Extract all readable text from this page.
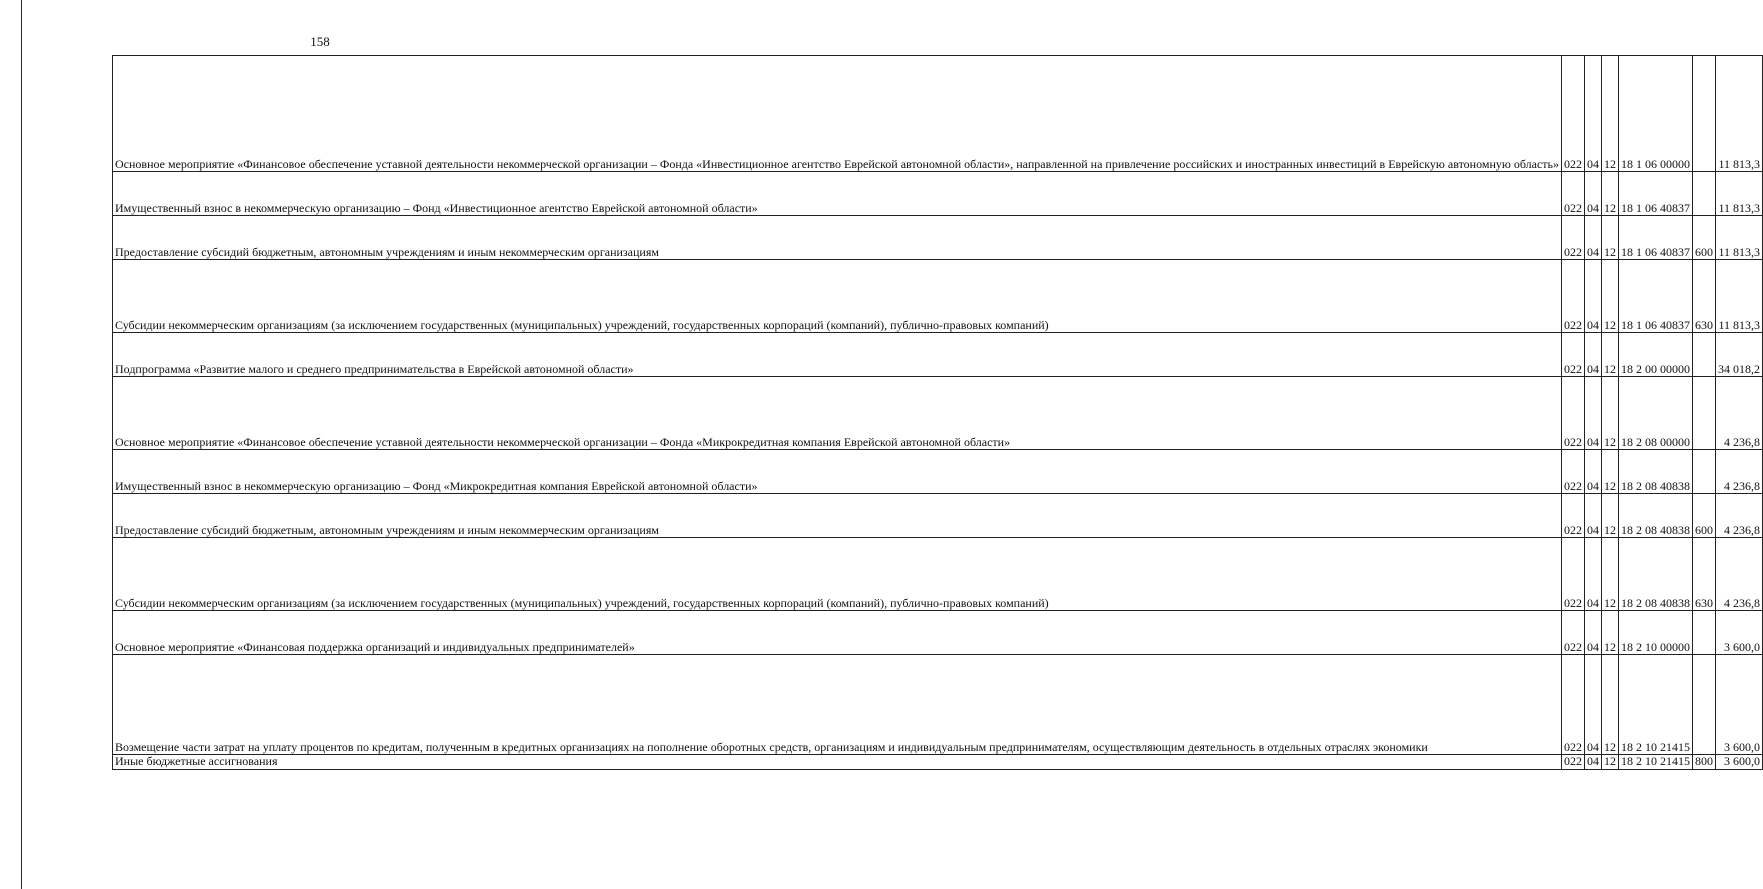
158
Основное мероприятие «Финансовое обеспечение уставной деятельности некоммерческой организации – Фонда «Инвестиционное агентство Еврейской автономной области», направленной на привлечение российских и иностранных инвестиций в Еврейскую автономную область»	022	04	12	18 1 06 00000		11 813,3
Имущественный взнос в некоммерческую организацию – Фонд «Инвестиционное агентство Еврейской автономной области»	022	04	12	18 1 06 40837		11 813,3
Предоставление субсидий бюджетным, автономным учреждениям и иным некоммерческим организациям	022	04	12	18 1 06 40837	600	11 813,3
Субсидии некоммерческим организациям (за исключением государственных (муниципальных) учреждений, государственных корпораций (компаний), публично-правовых компаний)	022	04	12	18 1 06 40837	630	11 813,3
Подпрограмма «Развитие малого и среднего предпринимательства в Еврейской автономной области»	022	04	12	18 2 00 00000		34 018,2
Основное мероприятие «Финансовое обеспечение уставной деятельности некоммерческой организации – Фонда «Микрокредитная компания Еврейской автономной области»	022	04	12	18 2 08 00000		4 236,8
Имущественный взнос в некоммерческую организацию – Фонд «Микрокредитная компания Еврейской автономной области»	022	04	12	18 2 08 40838		4 236,8
Предоставление субсидий бюджетным, автономным учреждениям и иным некоммерческим организациям	022	04	12	18 2 08 40838	600	4 236,8
Субсидии некоммерческим организациям (за исключением государственных (муниципальных) учреждений, государственных корпораций (компаний), публично-правовых компаний)	022	04	12	18 2 08 40838	630	4 236,8
Основное мероприятие «Финансовая поддержка организаций и индивидуальных предпринимателей»	022	04	12	18 2 10 00000		3 600,0
Возмещение части затрат на уплату процентов по кредитам, полученным в кредитных организациях на пополнение оборотных средств, организациям и индивидуальным предпринимателям, осуществляющим деятельность в отдельных отраслях экономики	022	04	12	18 2 10 21415		3 600,0
Иные бюджетные ассигнования	022	04	12	18 2 10 21415	800	3 600,0
